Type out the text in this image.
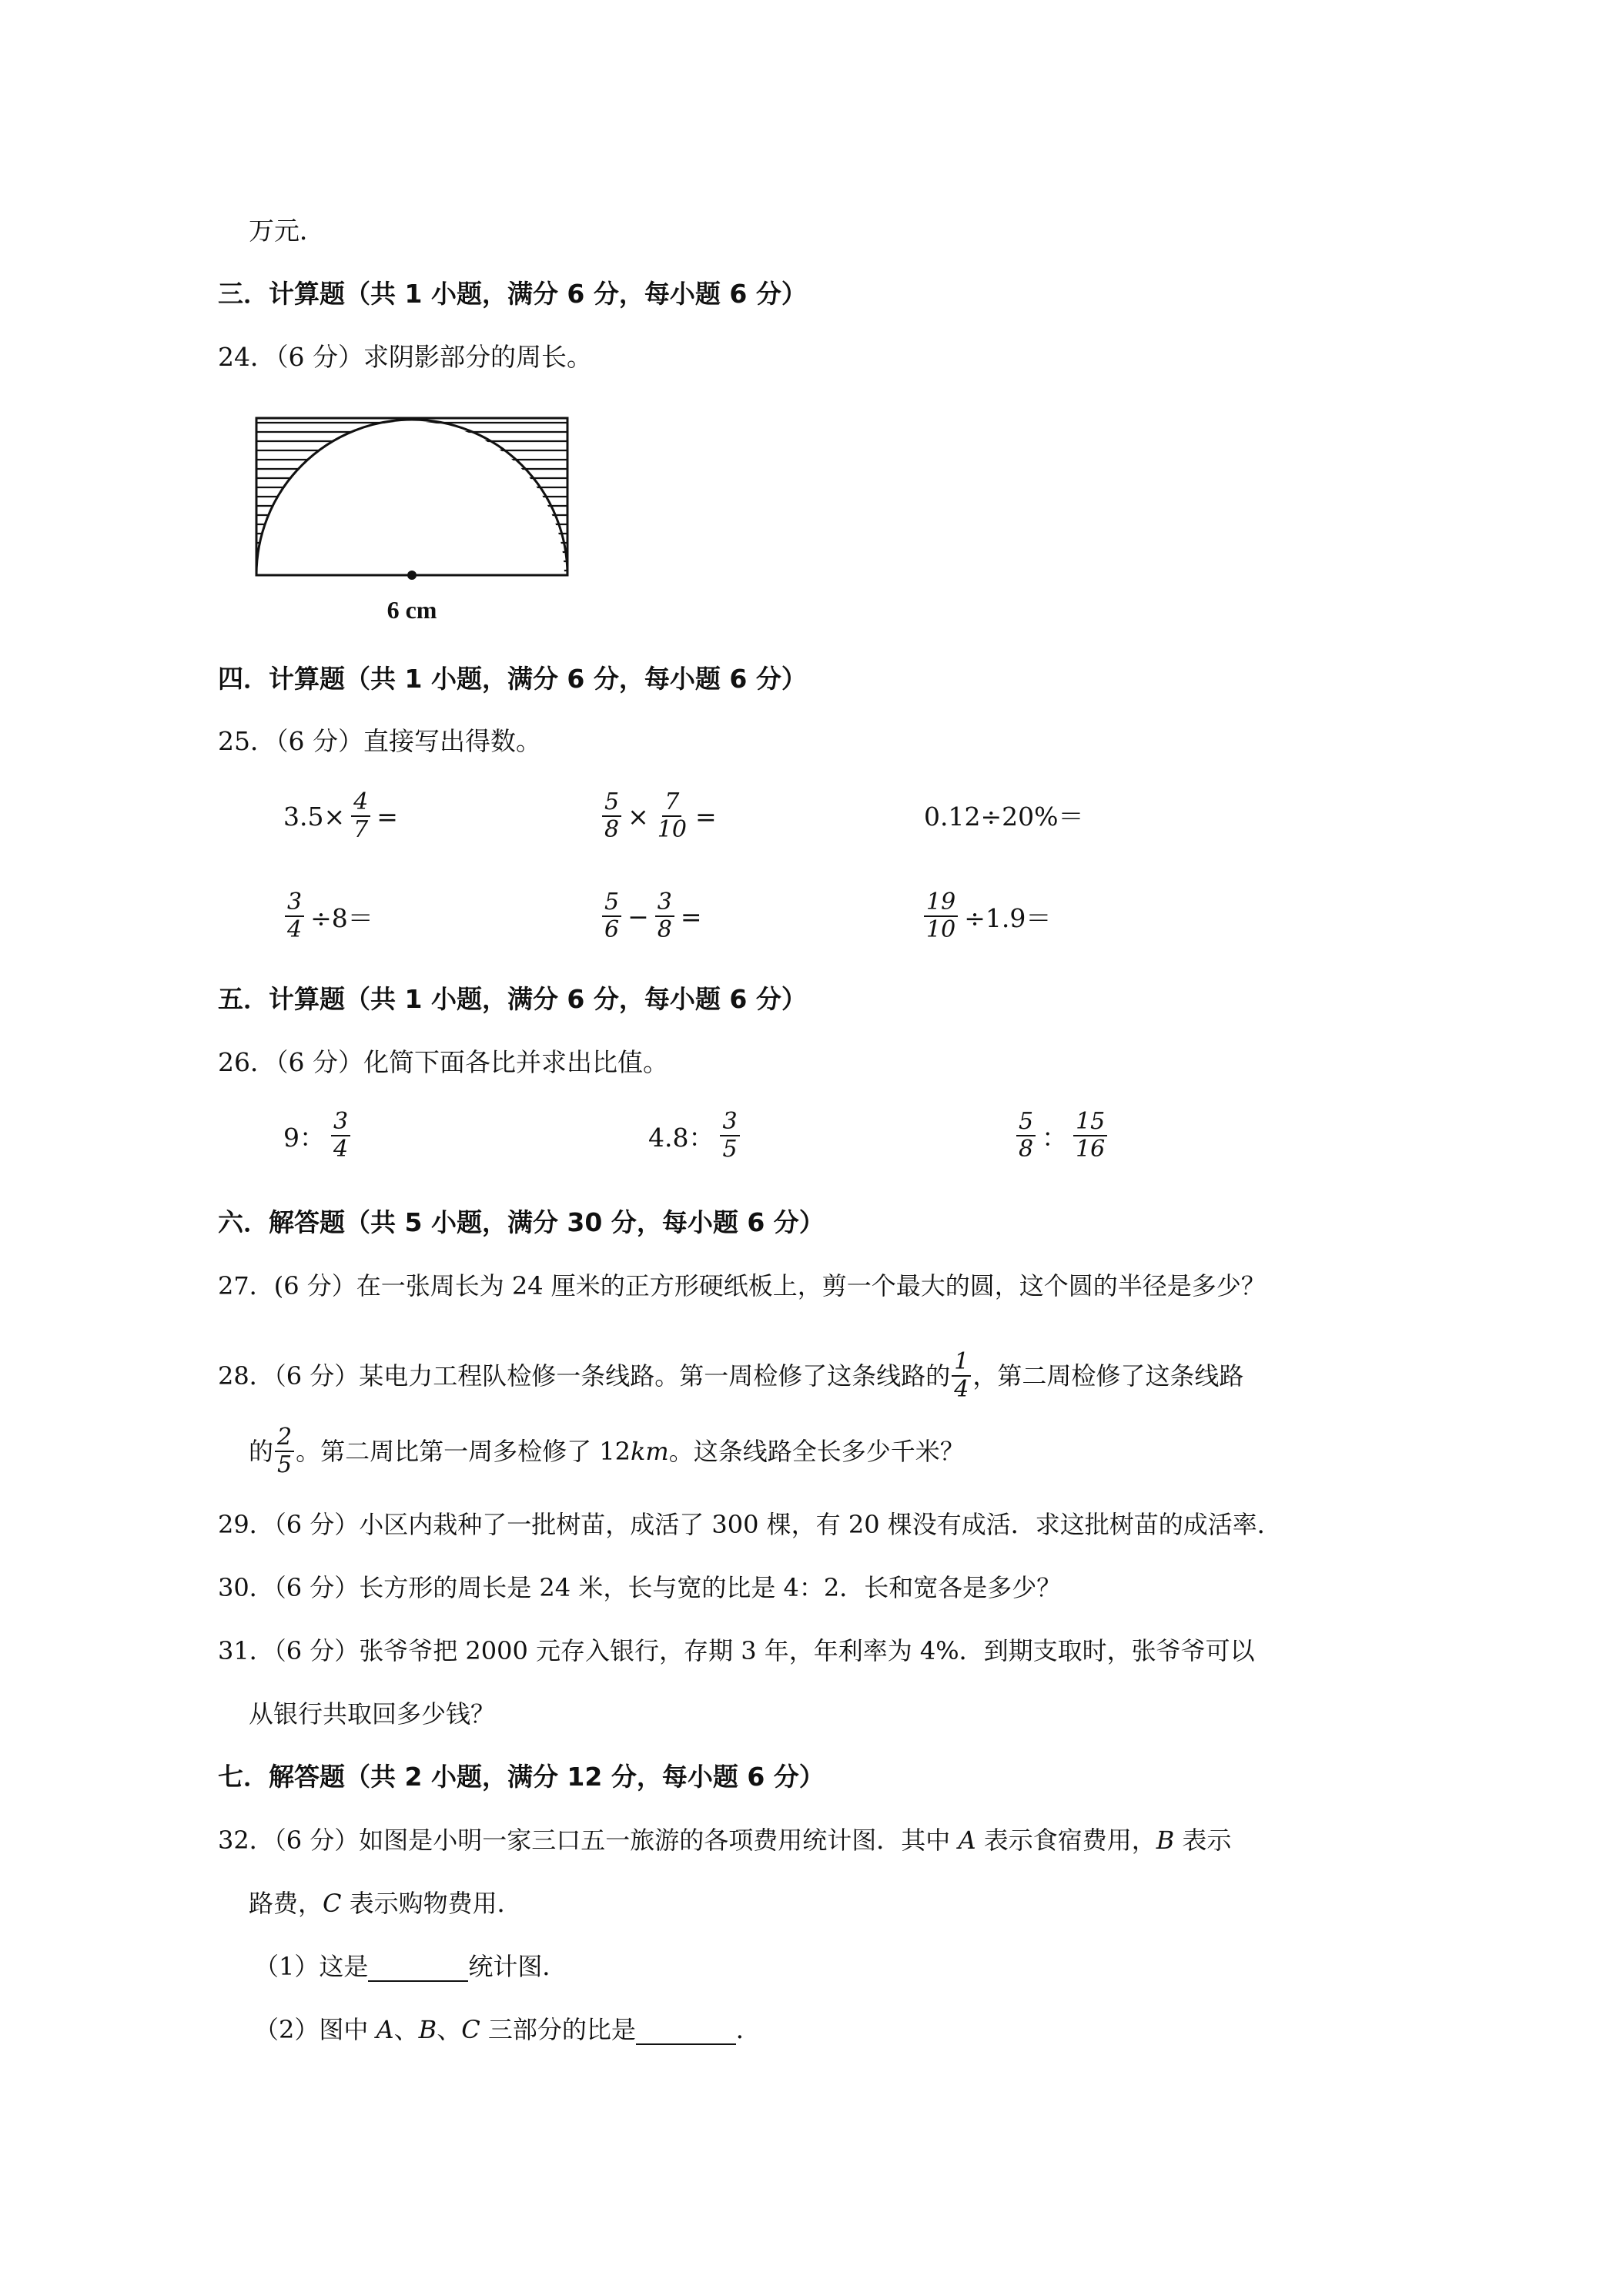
万元．
三．计算题（共 1 小题，满分 6 分，每小题 6 分）
24．（6 分）求阴影部分的周长。
6 cm
四．计算题（共 1 小题，满分 6 分，每小题 6 分）
25．（6 分）直接写出得数。
$3.5\times \frac{4}{7}$ =	$\frac{5}{8} \times \frac{7}{10}$ =	0.12÷20%＝
$\frac{3}{4} \div 8=$	$\frac{5}{6} - \frac{3}{8}$ =	$\frac{19}{10} \div 1.9=$
五．计算题（共 1 小题，满分 6 分，每小题 6 分）
26．（6 分）化简下面各比并求出比值。
9： $\frac{3}{4}$	4.8： $\frac{3}{5}$	$\frac{5}{8}$ ： $\frac{15}{16}$
六．解答题（共 5 小题，满分 30 分，每小题 6 分）
27．(6 分）在一张周长为 24 厘米的正方形硬纸板上，剪一个最大的圆，这个圆的半径是多少？
28．（6 分）某电力工程队检修一条线路。第一周检修了这条线路的 $\frac{1}{4}$ ，第二周检修了这条线路
的 $\frac{2}{5}$ 。第二周比第一周多检修了 12 km 。这条线路全长多少千米？
29．（6 分）小区内栽种了一批树苗，成活了 300 棵，有 20 棵没有成活．求这批树苗的成活率．
30．（6 分）长方形的周长是 24 米，长与宽的比是 4：2．长和宽各是多少？
31．（6 分）张爷爷把 2000 元存入银行，存期 3 年，年利率为 4%．到期支取时，张爷爷可以
从银行共取回多少钱？
七．解答题（共 2 小题，满分 12 分，每小题 6 分）
32．（6 分）如图是小明一家三口五一旅游的各项费用统计图．其中 A 表示食宿费用，B 表示
路费，C 表示购物费用．
（1）这是	统计图．
（2）图中 A、B、C 三部分的比是	．
